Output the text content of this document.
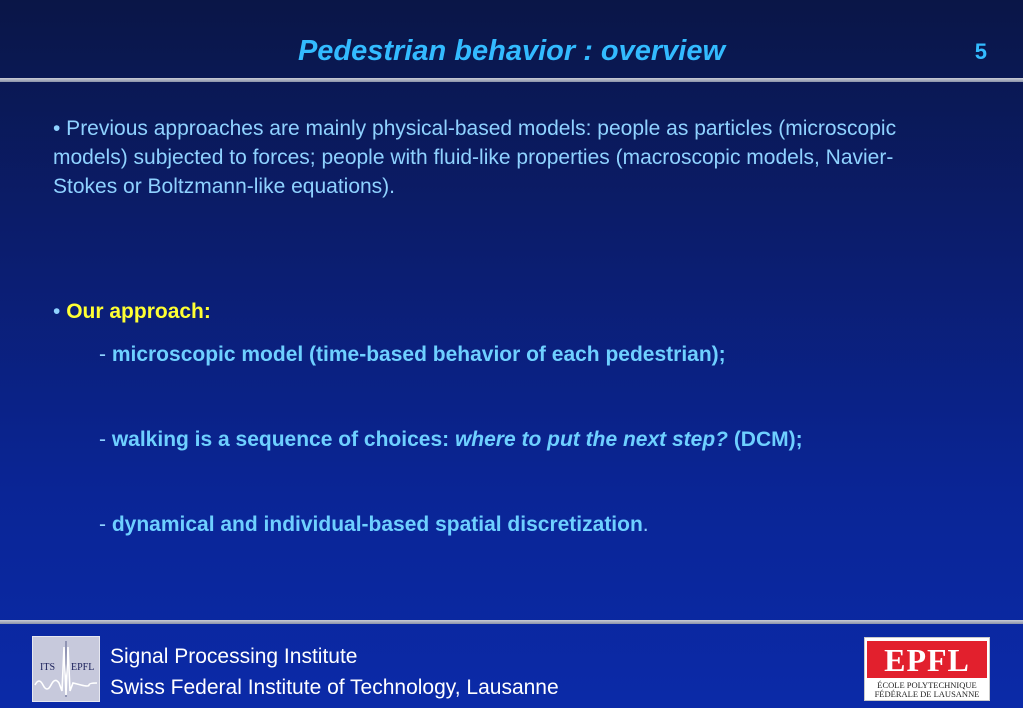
Pedestrian behavior : overview	5

• Previous approaches are mainly physical-based models: people as particles (microscopic models) subjected to forces; people with fluid-like properties (macroscopic models, Navier-Stokes or Boltzmann-like equations).

• Our approach:
- microscopic model (time-based behavior of each pedestrian);
- walking is a sequence of choices: where to put the next step? (DCM);
- dynamical and individual-based spatial discretization.
ITS EPFL Signal Processing Institute
Swiss Federal Institute of Technology, Lausanne
EPFL
ÉCOLE POLYTECHNIQUE
FÉDÉRALE DE LAUSANNE
